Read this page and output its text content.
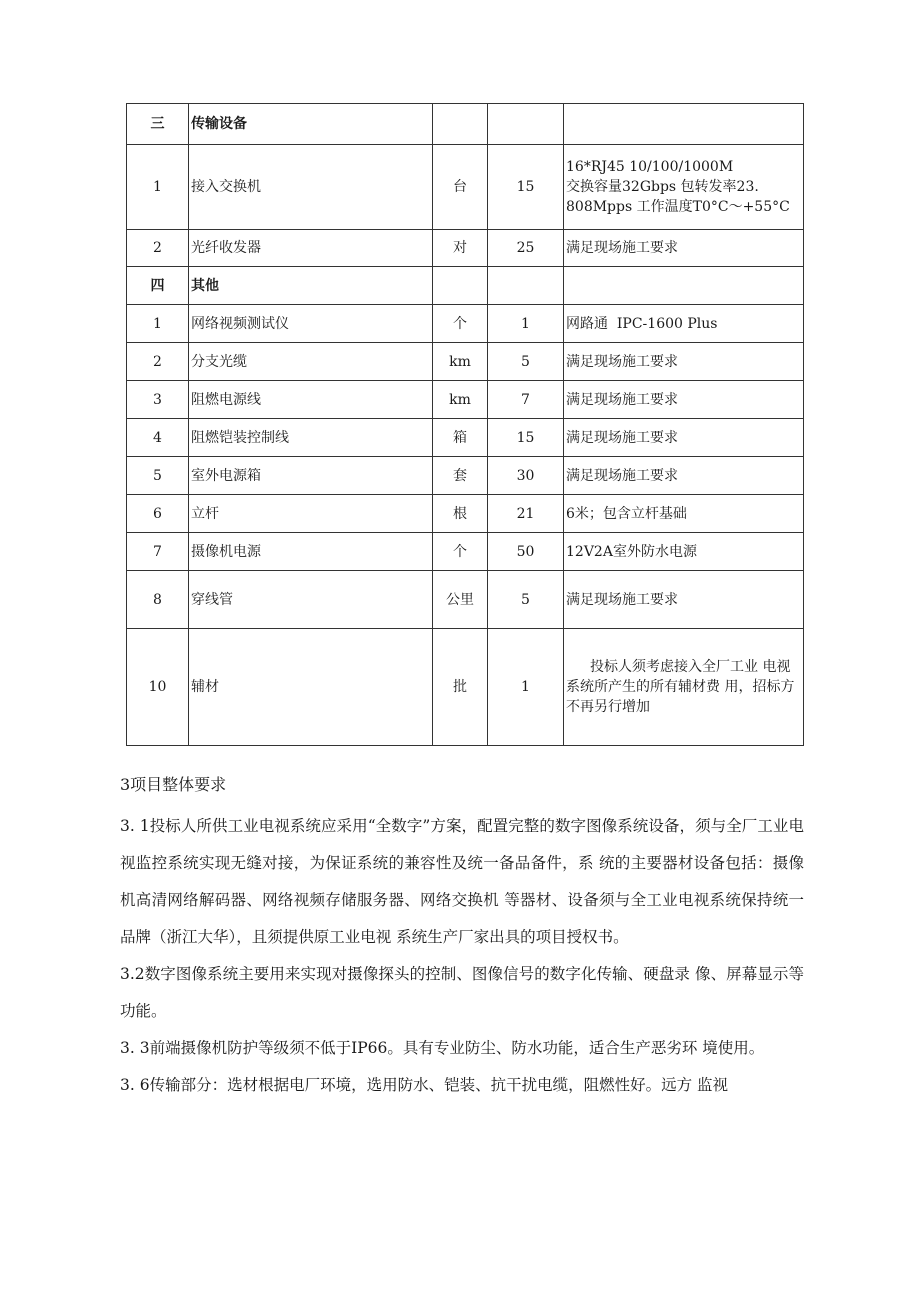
三	传输设备			
1	接入交换机	台	15	16*RJ45 10/100/1000M
交换容量32Gbps 包转发率23.
808Mpps 工作温度T0°C～+55°C

2	光纤收发器	对	25	满足现场施工要求
四	其他			
1	网络视频测试仪	个	1	网路通  IPC-1600 Plus
2	分支光缆	km	5	满足现场施工要求
3	阻燃电源线	km	7	满足现场施工要求
4	阻燃铠装控制线	箱	15	满足现场施工要求
5	室外电源箱	套	30	满足现场施工要求
6	立杆	根	21	6米；包含立杆基础
7	摄像机电源	个	50	12V2A室外防水电源
8	穿线管	公里	5	满足现场施工要求
10	辅材	批	1	投标人须考虑接入全厂工业 电视系统所产生的所有辅材费 用，招标方不再另行增加
3项目整体要求

3. 1投标人所供工业电视系统应采用“全数字”方案，配置完整的数字图像系统设备，须与全厂工业电视监控系统实现无缝对接，为保证系统的兼容性及统一备品备件，系 统的主要器材设备包括：摄像机高清网络解码器、网络视频存储服务器、网络交换机 等器材、设备须与全工业电视系统保持统一品牌（浙江大华），且须提供原工业电视 系统生产厂家出具的项目授权书。

3.2数字图像系统主要用来实现对摄像探头的控制、图像信号的数字化传输、硬盘录 像、屏幕显示等功能。

3. 3前端摄像机防护等级须不低于IP66。具有专业防尘、防水功能，适合生产恶劣环 境使用。

3. 6传输部分：选材根据电厂环境，选用防水、铠装、抗干扰电缆，阻燃性好。远方 监视
